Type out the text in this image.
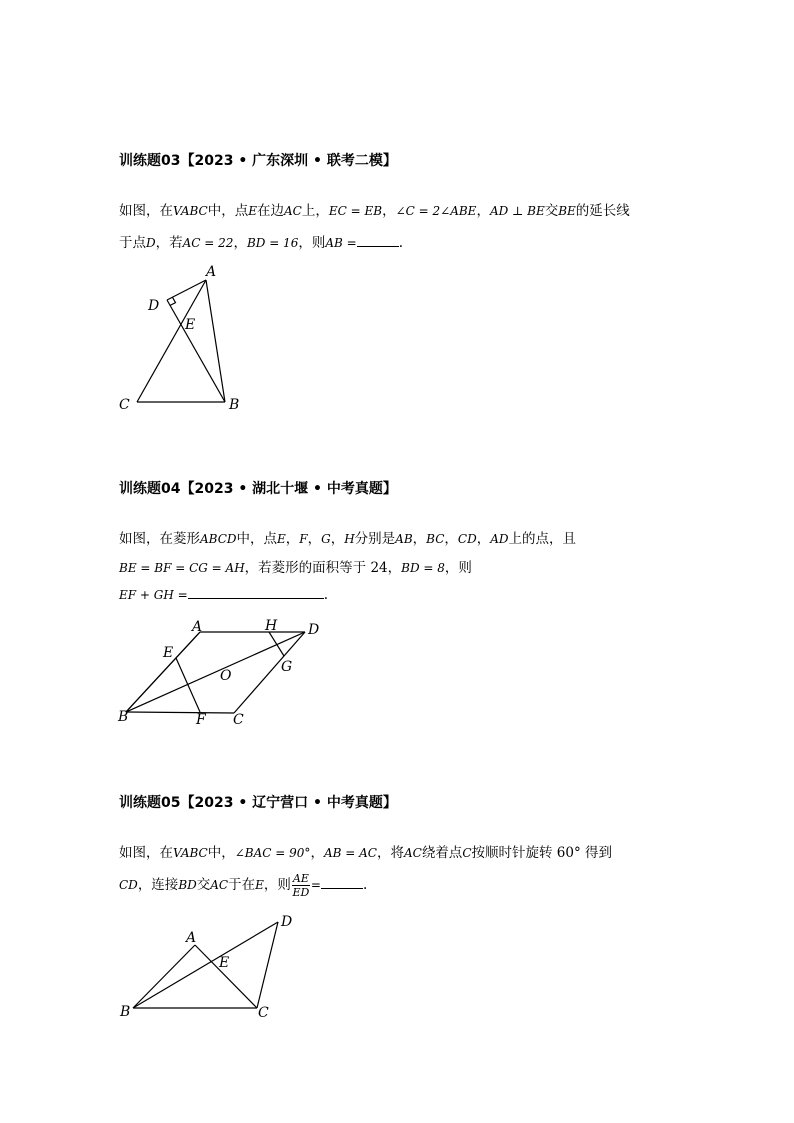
训练题03【2023 • 广东深圳 • 联考二模】
如图，在VABC中，点E在边AC上，EC = EB，∠C = 2∠ABE，AD ⊥ BE交BE的延长线
于点D，若AC = 22，BD = 16，则AB =	.
训练题04【2023 • 湖北十堰 • 中考真题】
如图，在菱形ABCD中，点E，F，G，H分别是AB，BC，CD，AD上的点，且
BE = BF = CG = AH，若菱形的面积等于 24，BD = 8，则
EF + GH =	.
训练题05【2023 • 辽宁营口 • 中考真题】
如图，在VABC中，∠BAC = 90°，AB = AC，将AC绕着点C按顺时针旋转 60° 得到
CD，连接BD交AC于在E，则 $\frac{AE}{ED}$ =	.
A
D
E
C	B
A	H D
E
G
O
B	F C
A
D
E
B	C
